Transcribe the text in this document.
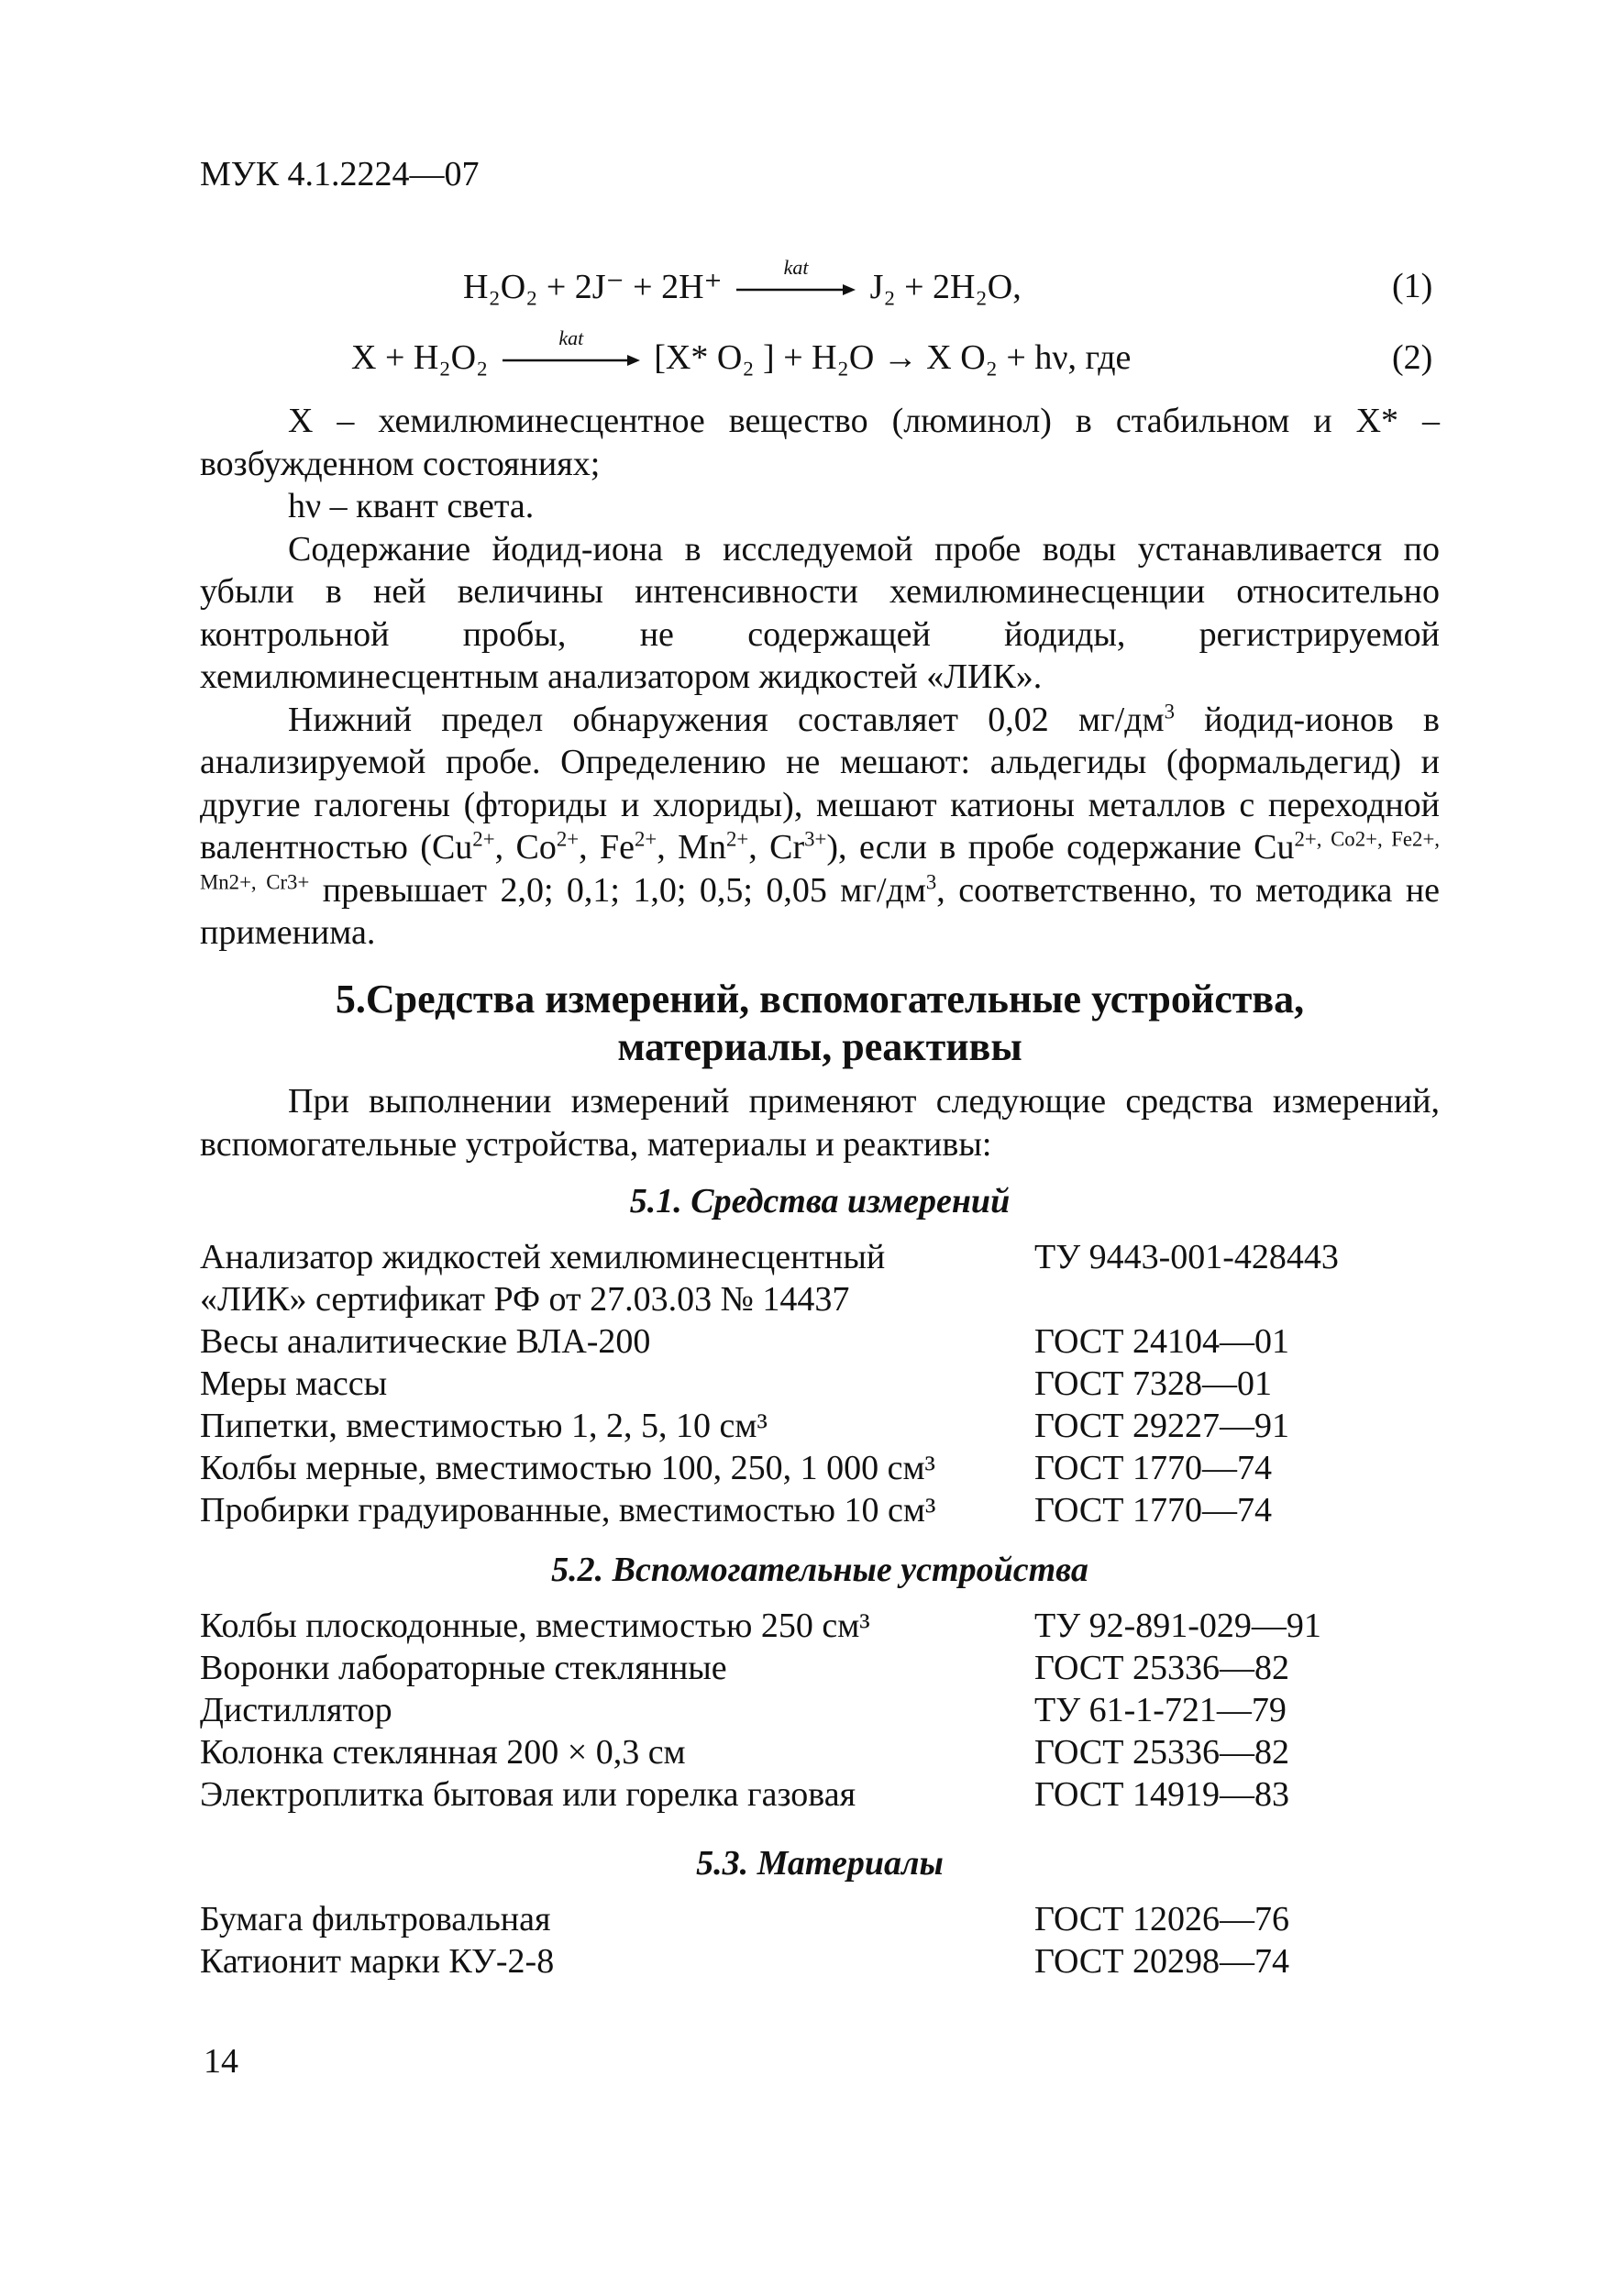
МУК 4.1.2224—07
H₂O₂ + 2J⁻ + 2H⁺
kat
J₂ + 2H₂O,	(1)
X + H₂O₂
kat
[X* O₂ ] + H₂O → X O₂ + hν, где	(2)

X – хемилюминесцентное вещество (люминол) в стабильном и X* – возбужденном состояниях;

hν – квант света.

Содержание йодид-иона в исследуемой пробе воды устанавливается по убыли в ней величины интенсивности хемилюминесценции относительно контрольной пробы, не содержащей йодиды, регистрируемой хемилюминесцентным анализатором жидкостей «ЛИК».

Нижний предел обнаружения составляет 0,02 $мг/дм^3$ йодид-ионов в анализируемой пробе. Определению не мешают: альдегиды (формальдегид) и другие галогены (фториды и хлориды), мешают катионы металлов с переходной валентностью ($Cu^{2+}$, $Co^{2+}$, $Fe^{2+}$, $Mn^{2+}$, $Cr^{3+}$), если в пробе содержание $Cu^{2+, Co2+, Fe2+, Mn2+, Cr3+}$ превышает 2,0; 0,1; 1,0; 0,5; 0,05 $мг/дм^3$, соответственно, то методика не применима.

5.Средства измерений, вспомогательные устройства,
материалы, реактивы

При выполнении измерений применяют следующие средства измерений, вспомогательные устройства, материалы и реактивы:

5.1. Средства измерений
Анализатор жидкостей хемилюминесцентный	ТУ 9443-001-428443
«ЛИК» сертификат РФ от 27.03.03 № 14437
Весы аналитические ВЛА-200	ГОСТ 24104—01
Меры массы	ГОСТ 7328—01
Пипетки, вместимостью 1, 2, 5, 10 см³	ГОСТ 29227—91
Колбы мерные, вместимостью 100, 250, 1 000 см³	ГОСТ 1770—74
Пробирки градуированные, вместимостью 10 см³	ГОСТ 1770—74
5.2. Вспомогательные устройства
Колбы плоскодонные, вместимостью 250 см³	ТУ 92-891-029—91
Воронки лабораторные стеклянные	ГОСТ 25336—82
Дистиллятор	ТУ 61-1-721—79
Колонка стеклянная 200 × 0,3 см	ГОСТ 25336—82
Электроплитка бытовая или горелка газовая	ГОСТ 14919—83
5.3. Материалы
Бумага фильтровальная	ГОСТ 12026—76
Катионит марки КУ-2-8	ГОСТ 20298—74
14
